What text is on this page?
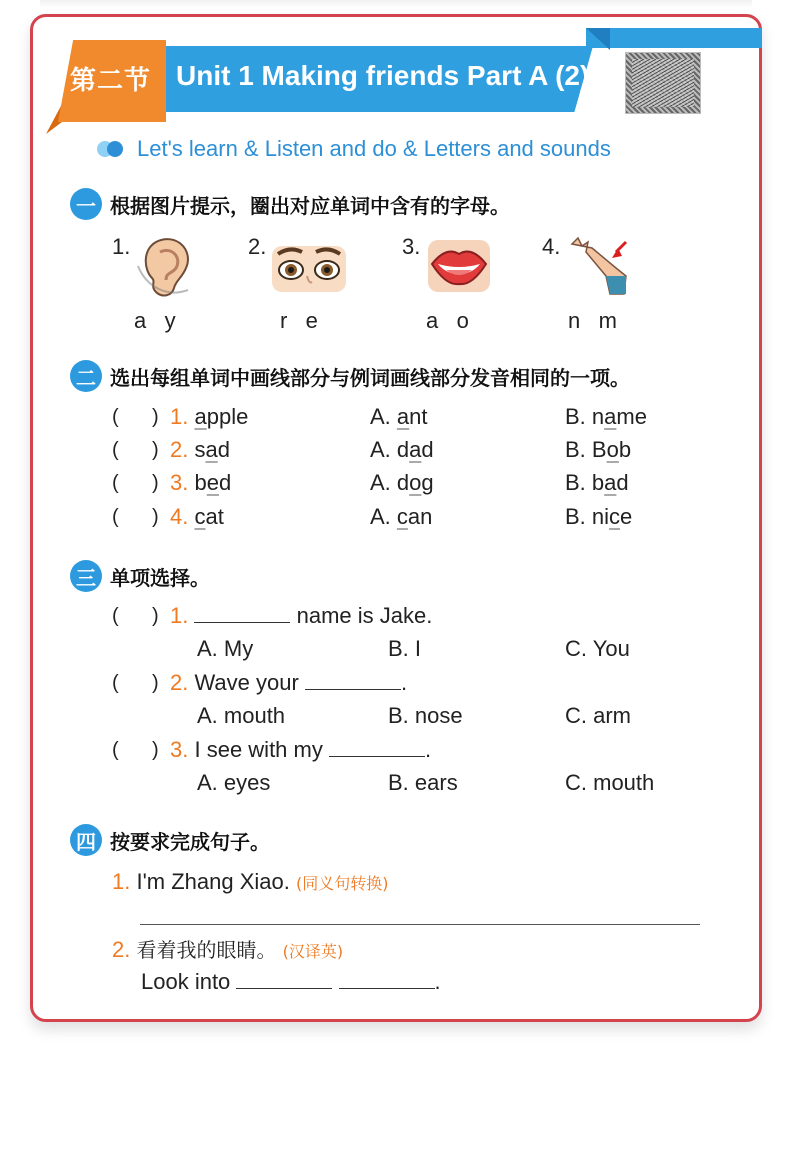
第二节 Unit 1 Making friends Part A (2)
Let's learn & Listen and do & Letters and sounds
一 根据图片提示，圈出对应单词中含有的字母。
1.
a   y
2.
r   e
3.
a   o
4.
n   m
二 选出每组单词中画线部分与例词画线部分发音相同的一项。
(      ) 1. apple	A. ant	B. name
(      ) 2. sad	A. dad	B. Bob
(      ) 3. bed	A. dog	B. bad
(      ) 4. cat	A. can	B. nice
三 单项选择。
(      ) 1.	name is Jake.
A. My	B. I	C. You
(      ) 2. Wave your	.
A. mouth	B. nose	C. arm
(      ) 3. I see with my	.
A. eyes	B. ears	C. mouth
四 按要求完成句子。
1. I'm Zhang Xiao. (同义句转换)
2. 看着我的眼睛。 (汉译英)
Look into	.
